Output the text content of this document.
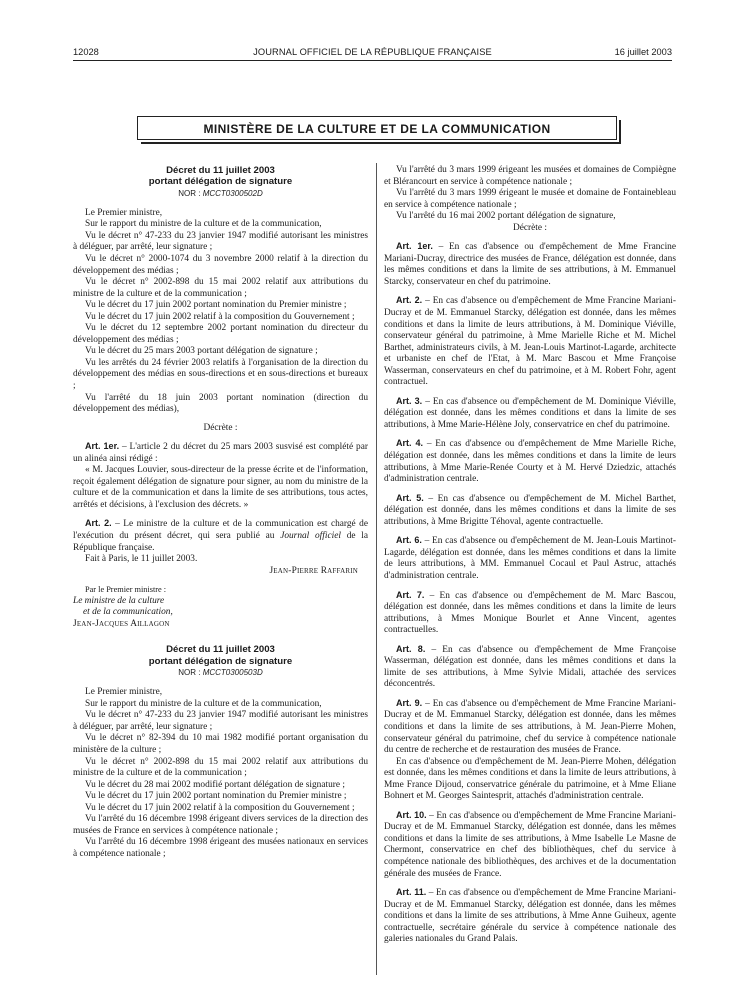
12028	JOURNAL OFFICIEL DE LA RÉPUBLIQUE FRANÇAISE	16 juillet 2003
MINISTÈRE DE LA CULTURE ET DE LA COMMUNICATION

Décret du 11 juillet 2003

portant délégation de signature

NOR : MCCT0300502D

Le Premier ministre,

Sur le rapport du ministre de la culture et de la communication,

Vu le décret n° 47-233 du 23 janvier 1947 modifié autorisant les ministres à déléguer, par arrêté, leur signature ;

Vu le décret n° 2000-1074 du 3 novembre 2000 relatif à la direction du développement des médias ;

Vu le décret n° 2002-898 du 15 mai 2002 relatif aux attributions du ministre de la culture et de la communication ;

Vu le décret du 17 juin 2002 portant nomination du Premier ministre ;

Vu le décret du 17 juin 2002 relatif à la composition du Gouvernement ;

Vu le décret du 12 septembre 2002 portant nomination du directeur du développement des médias ;

Vu le décret du 25 mars 2003 portant délégation de signature ;

Vu les arrêtés du 24 février 2003 relatifs à l'organisation de la direction du développement des médias en sous-directions et en sous-directions et bureaux ;

Vu l'arrêté du 18 juin 2003 portant nomination (direction du développement des médias),

Décrète :

Art. 1er. – L'article 2 du décret du 25 mars 2003 susvisé est complété par un alinéa ainsi rédigé :

« M. Jacques Louvier, sous-directeur de la presse écrite et de l'information, reçoit également délégation de signature pour signer, au nom du ministre de la culture et de la communication et dans la limite de ses attributions, tous actes, arrêtés et décisions, à l'exclusion des décrets. »

Art. 2. – Le ministre de la culture et de la communication est chargé de l'exécution du présent décret, qui sera publié au Journal officiel de la République française.

Fait à Paris, le 11 juillet 2003.

Jean-Pierre Raffarin

Par le Premier ministre :

Le ministre de la culture

et de la communication,

Jean-Jacques Aillagon

Décret du 11 juillet 2003

portant délégation de signature

NOR : MCCT0300503D

Le Premier ministre,

Sur le rapport du ministre de la culture et de la communication,

Vu le décret n° 47-233 du 23 janvier 1947 modifié autorisant les ministres à déléguer, par arrêté, leur signature ;

Vu le décret n° 82-394 du 10 mai 1982 modifié portant organisation du ministère de la culture ;

Vu le décret n° 2002-898 du 15 mai 2002 relatif aux attributions du ministre de la culture et de la communication ;

Vu le décret du 28 mai 2002 modifié portant délégation de signature ;

Vu le décret du 17 juin 2002 portant nomination du Premier ministre ;

Vu le décret du 17 juin 2002 relatif à la composition du Gouvernement ;

Vu l'arrêté du 16 décembre 1998 érigeant divers services de la direction des musées de France en services à compétence nationale ;

Vu l'arrêté du 16 décembre 1998 érigeant des musées nationaux en services à compétence nationale ;

Vu l'arrêté du 3 mars 1999 érigeant les musées et domaines de Compiègne et Blérancourt en service à compétence nationale ;

Vu l'arrêté du 3 mars 1999 érigeant le musée et domaine de Fontainebleau en service à compétence nationale ;

Vu l'arrêté du 16 mai 2002 portant délégation de signature,

Décrète :

Art. 1er. – En cas d'absence ou d'empêchement de Mme Francine Mariani-Ducray, directrice des musées de France, délégation est donnée, dans les mêmes conditions et dans la limite de ses attributions, à M. Emmanuel Starcky, conservateur en chef du patrimoine.

Art. 2. – En cas d'absence ou d'empêchement de Mme Francine Mariani-Ducray et de M. Emmanuel Starcky, délégation est donnée, dans les mêmes conditions et dans la limite de leurs attributions, à M. Dominique Viéville, conservateur général du patrimoine, à Mme Marielle Riche et M. Michel Barthet, administrateurs civils, à M. Jean-Louis Martinot-Lagarde, architecte et urbaniste en chef de l'Etat, à M. Marc Bascou et Mme Françoise Wasserman, conservateurs en chef du patrimoine, et à M. Robert Fohr, agent contractuel.

Art. 3. – En cas d'absence ou d'empêchement de M. Dominique Viéville, délégation est donnée, dans les mêmes conditions et dans la limite de ses attributions, à Mme Marie-Hélène Joly, conservatrice en chef du patrimoine.

Art. 4. – En cas d'absence ou d'empêchement de Mme Marielle Riche, délégation est donnée, dans les mêmes conditions et dans la limite de leurs attributions, à Mme Marie-Renée Courty et à M. Hervé Dziedzic, attachés d'administration centrale.

Art. 5. – En cas d'absence ou d'empêchement de M. Michel Barthet, délégation est donnée, dans les mêmes conditions et dans la limite de ses attributions, à Mme Brigitte Téhoval, agente contractuelle.

Art. 6. – En cas d'absence ou d'empêchement de M. Jean-Louis Martinot-Lagarde, délégation est donnée, dans les mêmes conditions et dans la limite de leurs attributions, à MM. Emmanuel Cocaul et Paul Astruc, attachés d'administration centrale.

Art. 7. – En cas d'absence ou d'empêchement de M. Marc Bascou, délégation est donnée, dans les mêmes conditions et dans la limite de leurs attributions, à Mmes Monique Bourlet et Anne Vincent, agentes contractuelles.

Art. 8. – En cas d'absence ou d'empêchement de Mme Françoise Wasserman, délégation est donnée, dans les mêmes conditions et dans la limite de ses attributions, à Mme Sylvie Midali, attachée des services déconcentrés.

Art. 9. – En cas d'absence ou d'empêchement de Mme Francine Mariani-Ducray et de M. Emmanuel Starcky, délégation est donnée, dans les mêmes conditions et dans la limite de ses attributions, à M. Jean-Pierre Mohen, conservateur général du patrimoine, chef du service à compétence nationale du centre de recherche et de restauration des musées de France.

En cas d'absence ou d'empêchement de M. Jean-Pierre Mohen, délégation est donnée, dans les mêmes conditions et dans la limite de leurs attributions, à Mme France Dijoud, conservatrice générale du patrimoine, et à Mme Eliane Bohnert et M. Georges Saintesprit, attachés d'administration centrale.

Art. 10. – En cas d'absence ou d'empêchement de Mme Francine Mariani-Ducray et de M. Emmanuel Starcky, délégation est donnée, dans les mêmes conditions et dans la limite de ses attributions, à Mme Isabelle Le Masne de Chermont, conservatrice en chef des bibliothèques, chef du service à compétence nationale des bibliothèques, des archives et de la documentation générale des musées de France.

Art. 11. – En cas d'absence ou d'empêchement de Mme Francine Mariani-Ducray et de M. Emmanuel Starcky, délégation est donnée, dans les mêmes conditions et dans la limite de ses attributions, à Mme Anne Guiheux, agente contractuelle, secrétaire générale du service à compétence nationale des galeries nationales du Grand Palais.
